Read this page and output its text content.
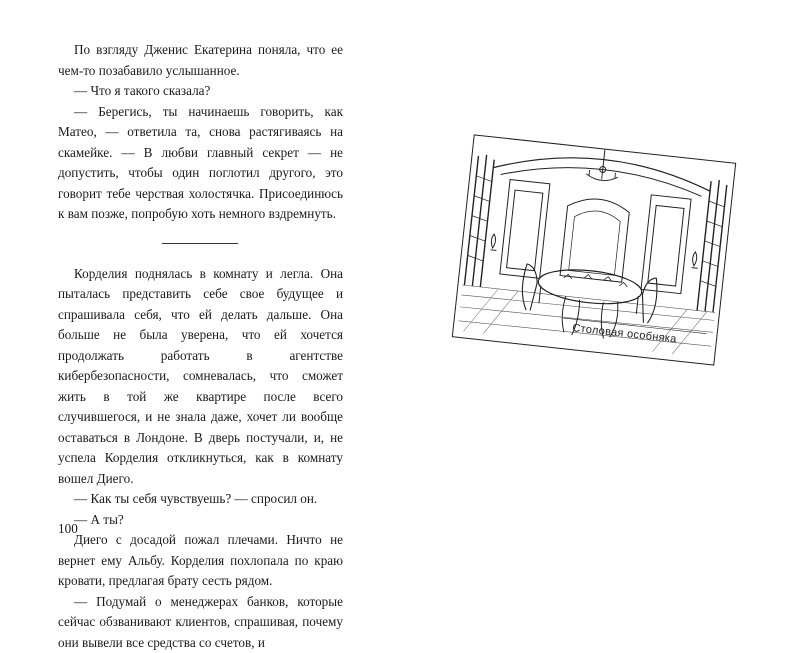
По взгляду Дженис Екатерина поняла, что ее чем-то позабавило услышанное.

— Что я такого сказала?

— Берегись, ты начинаешь говорить, как Матео, — ответила та, снова растягиваясь на скамейке. — В любви главный секрет — не допустить, чтобы один поглотил другого, это говорит тебе черствая холостячка. Присоединюсь к вам позже, попробую хоть немного вздремнуть.

Корделия поднялась в комнату и легла. Она пыталась представить себе свое будущее и спрашивала себя, что ей делать дальше. Она больше не была уверена, что ей хочется продолжать работать в агентстве кибербезопасности, сомневалась, что сможет жить в той же квартире после всего случившегося, и не знала даже, хочет ли вообще оставаться в Лондоне. В дверь постучали, и, не успела Корделия откликнуться, как в комнату вошел Диего.

— Как ты себя чувствуешь? — спросил он.

— А ты?

Диего с досадой пожал плечами. Ничто не вернет ему Альбу. Корделия похлопала по краю кровати, предлагая брату сесть рядом.

— Подумай о менеджерах банков, которые сейчас обзванивают клиентов, спрашивая, почему они вывели все средства со счетов, и

100
Столовая особняка
